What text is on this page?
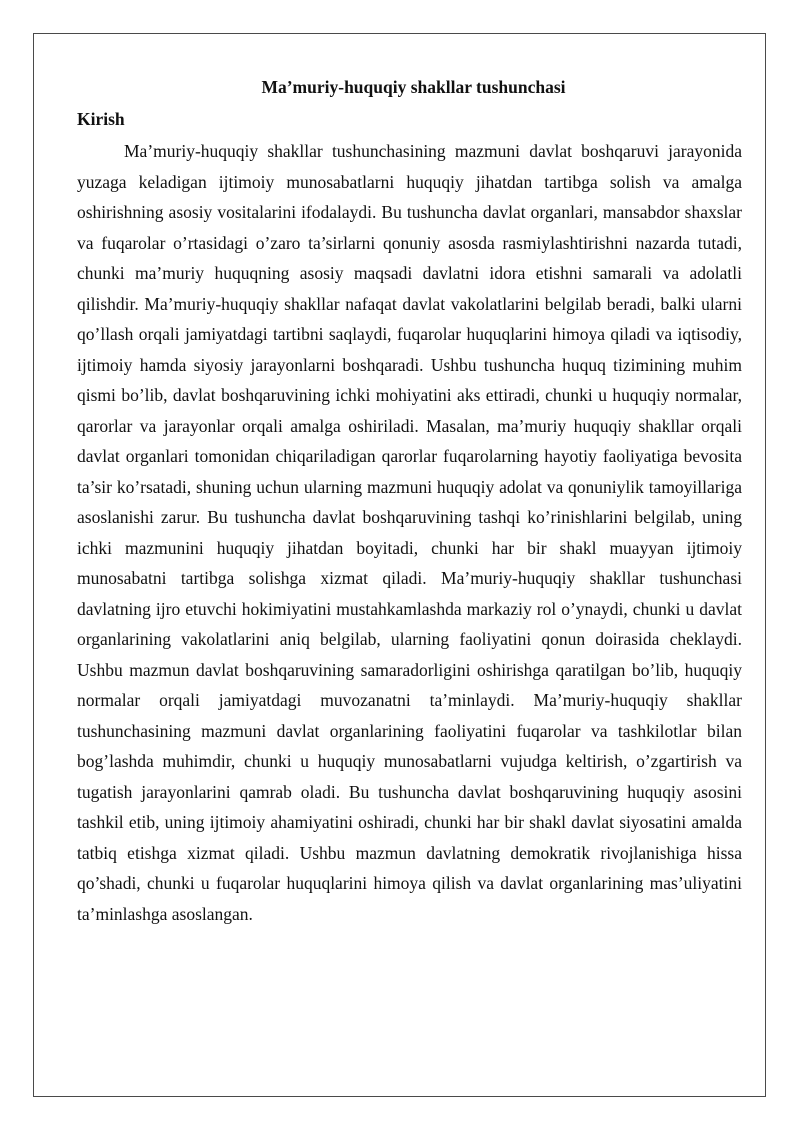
Ma’muriy-huquqiy shakllar tushunchasi
Kirish

Ma’muriy-huquqiy shakllar tushunchasining mazmuni davlat boshqaruvi jarayonida yuzaga keladigan ijtimoiy munosabatlarni huquqiy jihatdan tartibga solish va amalga oshirishning asosiy vositalarini ifodalaydi. Bu tushuncha davlat organlari, mansabdor shaxslar va fuqarolar o’rtasidagi o’zaro ta’sirlarni qonuniy asosda rasmiylashtirishni nazarda tutadi, chunki ma’muriy huquqning asosiy maqsadi davlatni idora etishni samarali va adolatli qilishdir. Ma’muriy-huquqiy shakllar nafaqat davlat vakolatlarini belgilab beradi, balki ularni qo’llash orqali jamiyatdagi tartibni saqlaydi, fuqarolar huquqlarini himoya qiladi va iqtisodiy, ijtimoiy hamda siyosiy jarayonlarni boshqaradi. Ushbu tushuncha huquq tizimining muhim qismi bo’lib, davlat boshqaruvining ichki mohiyatini aks ettiradi, chunki u huquqiy normalar, qarorlar va jarayonlar orqali amalga oshiriladi. Masalan, ma’muriy huquqiy shakllar orqali davlat organlari tomonidan chiqariladigan qarorlar fuqarolarning hayotiy faoliyatiga bevosita ta’sir ko’rsatadi, shuning uchun ularning mazmuni huquqiy adolat va qonuniylik tamoyillariga asoslanishi zarur. Bu tushuncha davlat boshqaruvining tashqi ko’rinishlarini belgilab, uning ichki mazmunini huquqiy jihatdan boyitadi, chunki har bir shakl muayyan ijtimoiy munosabatni tartibga solishga xizmat qiladi. Ma’muriy-huquqiy shakllar tushunchasi davlatning ijro etuvchi hokimiyatini mustahkamlashda markaziy rol o’ynaydi, chunki u davlat organlarining vakolatlarini aniq belgilab, ularning faoliyatini qonun doirasida cheklaydi. Ushbu mazmun davlat boshqaruvining samaradorligini oshirishga qaratilgan bo’lib, huquqiy normalar orqali jamiyatdagi muvozanatni ta’minlaydi. Ma’muriy-huquqiy shakllar tushunchasining mazmuni davlat organlarining faoliyatini fuqarolar va tashkilotlar bilan bog’lashda muhimdir, chunki u huquqiy munosabatlarni vujudga keltirish, o’zgartirish va tugatish jarayonlarini qamrab oladi. Bu tushuncha davlat boshqaruvining huquqiy asosini tashkil etib, uning ijtimoiy ahamiyatini oshiradi, chunki har bir shakl davlat siyosatini amalda tatbiq etishga xizmat qiladi. Ushbu mazmun davlatning demokratik rivojlanishiga hissa qo’shadi, chunki u fuqarolar huquqlarini himoya qilish va davlat organlarining mas’uliyatini ta’minlashga asoslangan.
